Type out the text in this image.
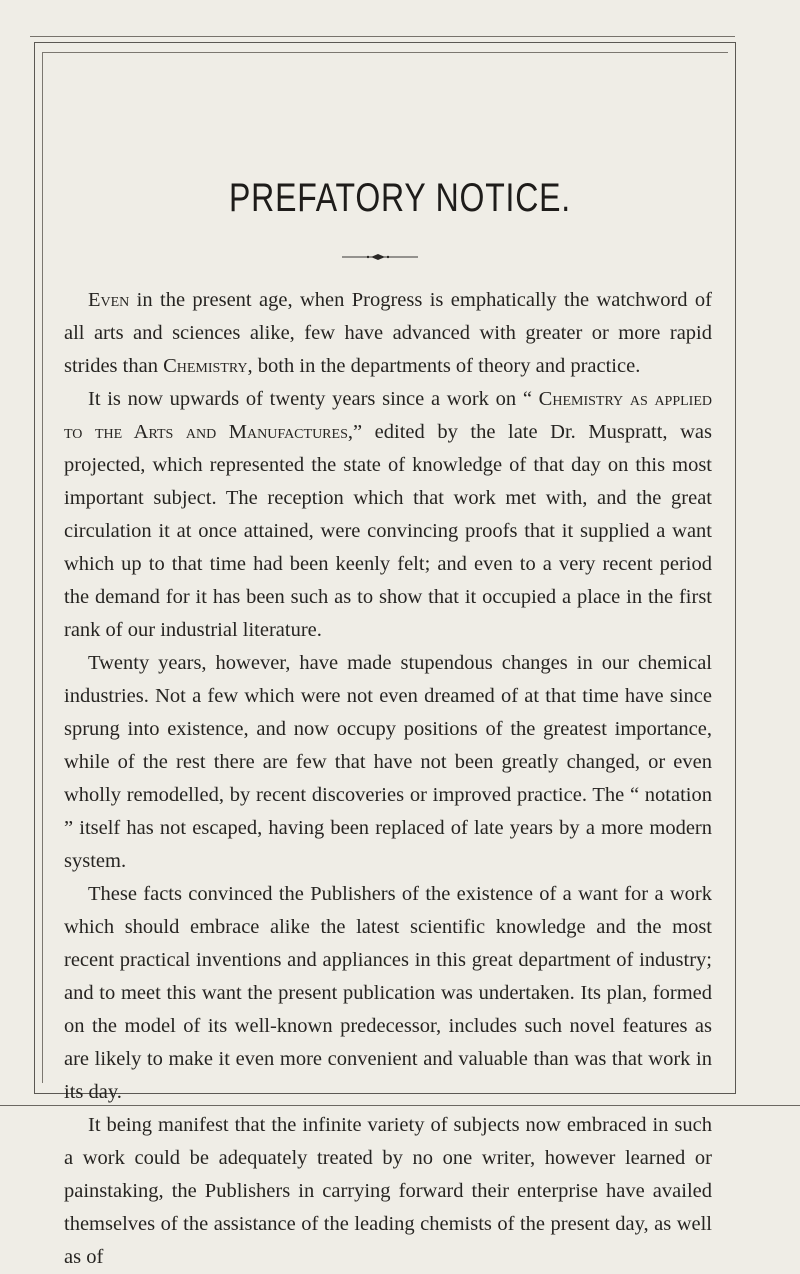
PREFATORY NOTICE.

Even in the present age, when Progress is emphatically the watchword of all arts and sciences alike, few have advanced with greater or more rapid strides than Chemistry, both in the departments of theory and practice.

It is now upwards of twenty years since a work on “ Chemistry as applied to the Arts and Manufactures,” edited by the late Dr. Muspratt, was projected, which represented the state of knowledge of that day on this most important subject. The reception which that work met with, and the great circulation it at once attained, were convincing proofs that it supplied a want which up to that time had been keenly felt; and even to a very recent period the demand for it has been such as to show that it occupied a place in the first rank of our industrial literature.

Twenty years, however, have made stupendous changes in our chemical industries. Not a few which were not even dreamed of at that time have since sprung into existence, and now occupy positions of the greatest importance, while of the rest there are few that have not been greatly changed, or even wholly remodelled, by recent discoveries or improved practice. The “ notation ” itself has not escaped, having been replaced of late years by a more modern system.

These facts convinced the Publishers of the existence of a want for a work which should embrace alike the latest scientific knowledge and the most recent practical inventions and appliances in this great department of industry; and to meet this want the present publication was undertaken. Its plan, formed on the model of its well-known predecessor, includes such novel features as are likely to make it even more convenient and valuable than was that work in its day.

It being manifest that the infinite variety of subjects now embraced in such a work could be adequately treated by no one writer, however learned or painstaking, the Publishers in carrying forward their enterprise have availed themselves of the assistance of the leading chemists of the present day, as well as of
